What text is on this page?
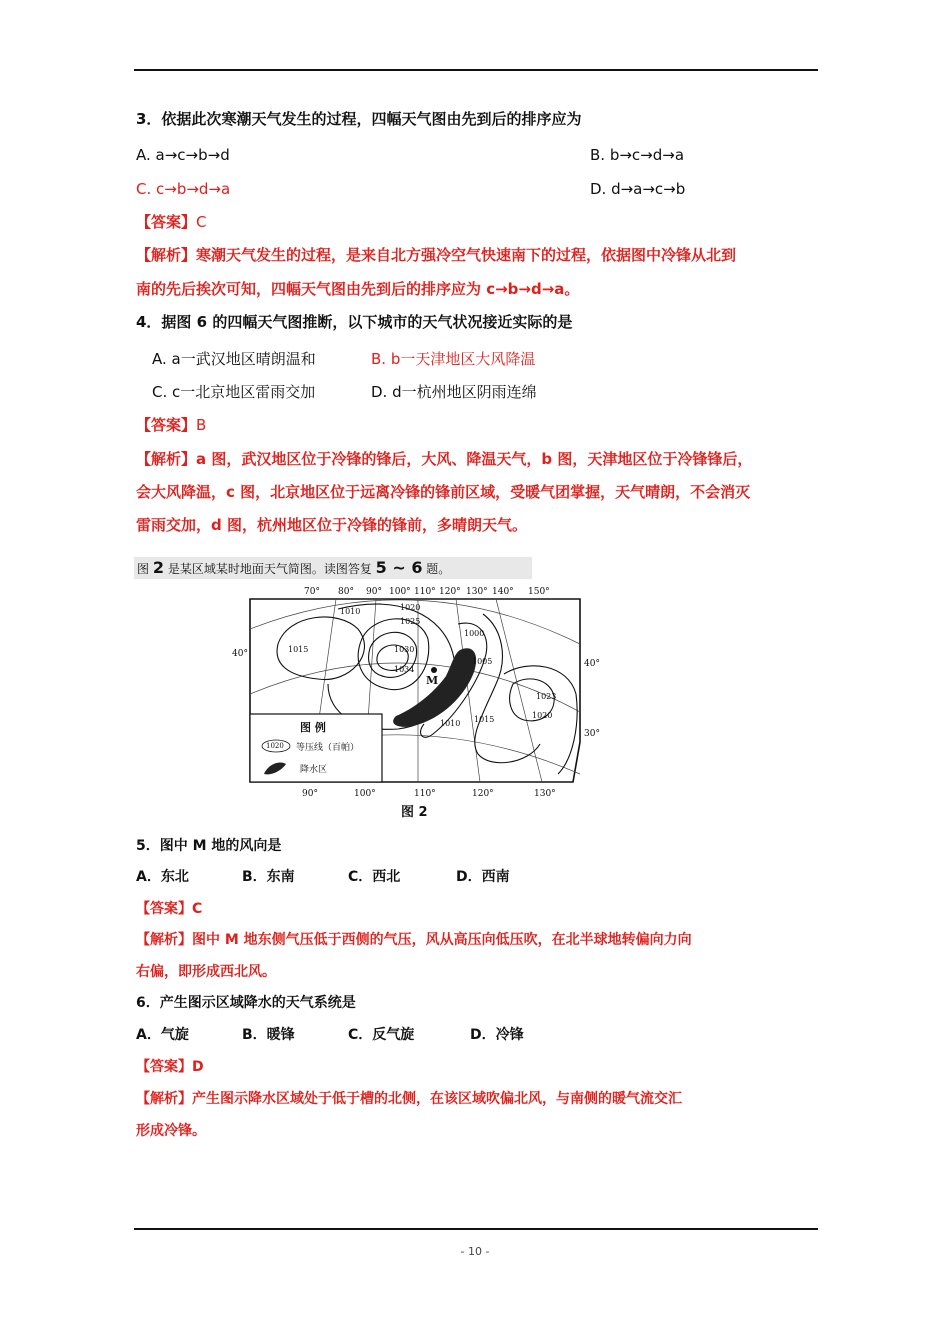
3．依据此次寒潮天气发生的过程，四幅天气图由先到后的排序应为
A. a→c→b→d	B. b→c→d→a
C. c→b→d→a	D. d→a→c→b
【答案】C
【解析】寒潮天气发生的过程，是来自北方强冷空气快速南下的过程，依据图中冷锋从北到
南的先后挨次可知，四幅天气图由先到后的排序应为 c→b→d→a。
4．据图 6 的四幅天气图推断，以下城市的天气状况接近实际的是
A. a一武汉地区晴朗温和	B. b一天津地区大风降温
C. c一北京地区雷雨交加	D. d一杭州地区阴雨连绵
【答案】B
【解析】a 图，武汉地区位于冷锋的锋后，大风、降温天气，b 图，天津地区位于冷锋锋后，
会大风降温，c 图，北京地区位于远离冷锋的锋前区域，受暖气团掌握，天气晴朗，不会消灭
雷雨交加，d 图，杭州地区位于冷锋的锋前，多晴朗天气。
图 2 是某区域某时地面天气简图。读图答复 5 ~ 6 题。
70° 80° 90° 100° 110° 120° 130° 140° 150°
90°	100°	110°	120°	130°
40°
40°
30°
M
1010	1020
1025
1015	1030
1034
1000
1005
1010 1015
1023
1020
图 例
1020 等压线（百帕）
降水区
图 2
5．图中 M 地的风向是
A．东北	B．东南	C．西北	D．西南
【答案】C
【解析】图中 M 地东侧气压低于西侧的气压，风从高压向低压吹，在北半球地转偏向力向
右偏，即形成西北风。
6．产生图示区域降水的天气系统是
A．气旋	B．暖锋	C．反气旋	D．冷锋
【答案】D
【解析】产生图示降水区域处于低于槽的北侧，在该区域吹偏北风，与南侧的暖气流交汇
形成冷锋。
- 10 -
